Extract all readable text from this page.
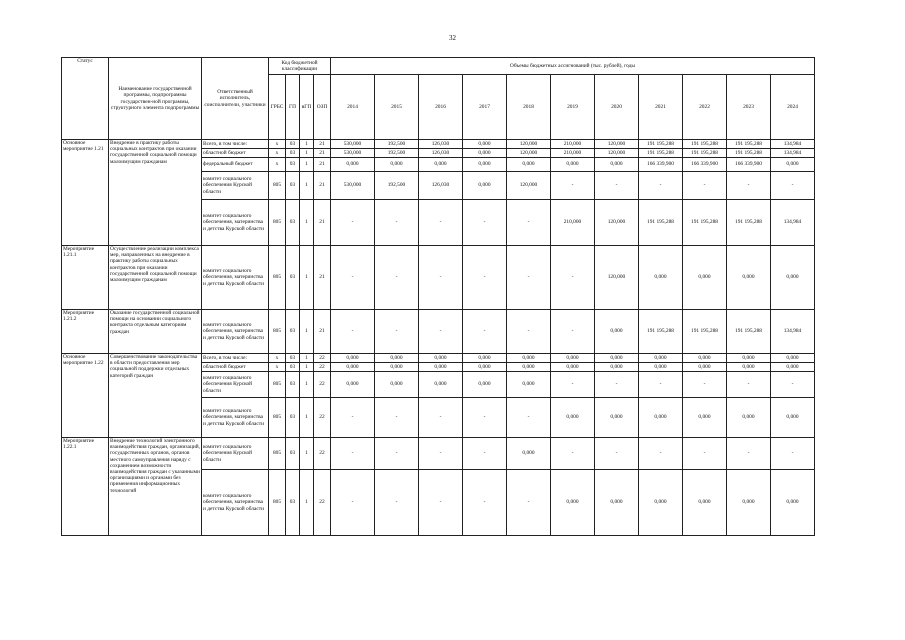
32
Статус	Наименование государственной программы, подпрограммы государствен-ной программы, структурного элемента подпрограммы	Ответственный исполнитель, соисполнители, участники	Код бюджетной классификации				Объемы бюджетных ассигнований (тыс. рублей), годы										
			ГРБС	ГП	вГП	ОЗП	2014	2015	2016	2017	2018	2019	2020	2021	2022	2023	2024
Основное мероприятие 1.21	Внедрение в практику работы социальных контрактов при оказании государственной социальной помощи малоимущим гражданам	Всего, в том числе:	х	03	1	21	530,000	192,500	126,030	0,000	120,000	210,000	120,000	191 195,288	191 195,288	191 195,288	134,984
		областной бюджет	х	03	1	21	530,000	192,500	126,030	0,000	120,000	210,000	120,000	191 195,288	191 195,288	191 195,288	134,984
		федеральный бюджет	х	03	1	21	0,000	0,000	0,000	0,000	0,000	0,000	0,000	166 339,900	166 339,900	166 339,900	0,000
		комитет социального обеспечения Курской области	805	03	1	21	530,000	192,500	126,030	0,000	120,000	-	-	-	-	-	-
		комитет социального обеспечения, материнства и детства Курской области	805	03	1	21	-	-	-	-	-	210,000	120,000	191 195,288	191 195,288	191 195,288	134,984
Мероприятие 1.21.1	Осуществление реализации комплекса мер, направленных на внедрение в практику работы социальных контрактов при оказании государственной социальной помощи малоимущим гражданам	комитет социального обеспечения, материнства и детства Курской области	805	03	1	21	-	-	-	-	-	-	120,000	0,000	0,000	0,000	0,000
Мероприятие 1.21.2	Оказание государственной социальной помощи на основании социального контракта отдельным категориям граждан	комитет социального обеспечения, материнства и детства Курской области	805	03	1	21	-	-	-	-	-	-	0,000	191 195,288	191 195,288	191 195,288	134,984
Основное мероприятие 1.22	Совершенствование законодательства в области предоставления мер социальной поддержки отдельных категорий граждан	Всего, в том числе:	х	03	1	22	0,000	0,000	0,000	0,000	0,000	0,000	0,000	0,000	0,000	0,000	0,000
		областной бюджет	х	03	1	22	0,000	0,000	0,000	0,000	0,000	0,000	0,000	0,000	0,000	0,000	0,000
		комитет социального обеспечения Курской области	805	03	1	22	0,000	0,000	0,000	0,000	0,000	-	-	-	-	-	-
		комитет социального обеспечения, материнства и детства Курской области	805	03	1	22	-	-	-	-	-	0,000	0,000	0,000	0,000	0,000	0,000
Мероприятие 1.22.1	Внедрение технологий электронного взаимодействия граждан, организаций, государственных органов, органов местного самоуправления наряду с сохранением возможности взаимодействия граждан с указанными организациями и органами без применения информационных технологий	комитет социального обеспечения Курской области	805	03	1	22	-	-	-	-	0,000	-	-	-	-	-	-
		комитет социального обеспечения, материнства и детства Курской области	805	03	1	22	-	-	-	-	-	0,000	0,000	0,000	0,000	0,000	0,000
